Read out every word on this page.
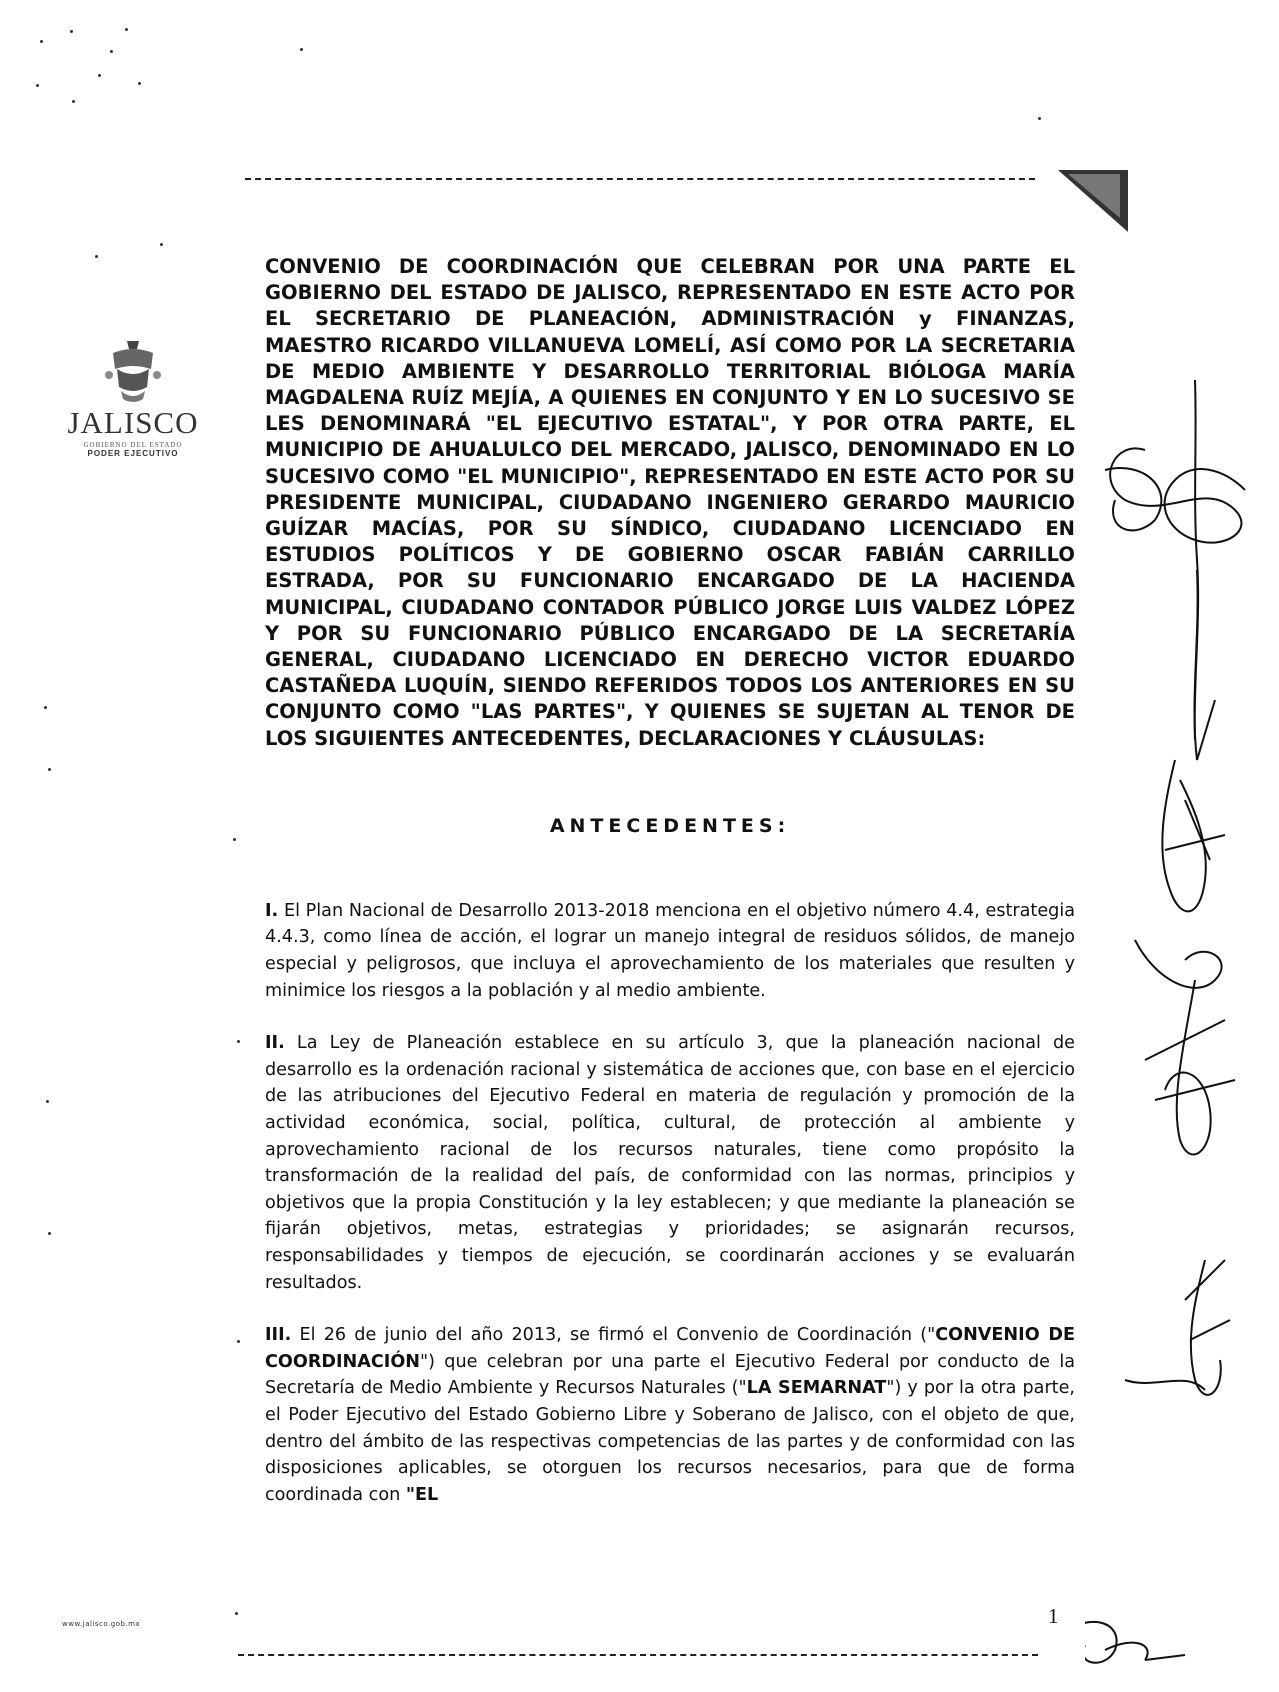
JALISCO
GOBIERNO DEL ESTADO
PODER EJECUTIVO

CONVENIO DE COORDINACIÓN QUE CELEBRAN POR UNA PARTE EL GOBIERNO DEL ESTADO DE JALISCO, REPRESENTADO EN ESTE ACTO POR EL SECRETARIO DE PLANEACIÓN, ADMINISTRACIÓN y FINANZAS, MAESTRO RICARDO VILLANUEVA LOMELÍ, ASÍ COMO POR LA SECRETARIA DE MEDIO AMBIENTE Y DESARROLLO TERRITORIAL BIÓLOGA MARÍA MAGDALENA RUÍZ MEJÍA, A QUIENES EN CONJUNTO Y EN LO SUCESIVO SE LES DENOMINARÁ "EL EJECUTIVO ESTATAL", Y POR OTRA PARTE, EL MUNICIPIO DE AHUALULCO DEL MERCADO, JALISCO, DENOMINADO EN LO SUCESIVO COMO "EL MUNICIPIO", REPRESENTADO EN ESTE ACTO POR SU PRESIDENTE MUNICIPAL, CIUDADANO INGENIERO GERARDO MAURICIO GUÍZAR MACÍAS, POR SU SÍNDICO, CIUDADANO LICENCIADO EN ESTUDIOS POLÍTICOS Y DE GOBIERNO OSCAR FABIÁN CARRILLO ESTRADA, POR SU FUNCIONARIO ENCARGADO DE LA HACIENDA MUNICIPAL, CIUDADANO CONTADOR PÚBLICO JORGE LUIS VALDEZ LÓPEZ Y POR SU FUNCIONARIO PÚBLICO ENCARGADO DE LA SECRETARÍA GENERAL, CIUDADANO LICENCIADO EN DERECHO VICTOR EDUARDO CASTAÑEDA LUQUÍN, SIENDO REFERIDOS TODOS LOS ANTERIORES EN SU CONJUNTO COMO "LAS PARTES", Y QUIENES SE SUJETAN AL TENOR DE LOS SIGUIENTES ANTECEDENTES, DECLARACIONES Y CLÁUSULAS:

ANTECEDENTES:

I. El Plan Nacional de Desarrollo 2013-2018 menciona en el objetivo número 4.4, estrategia 4.4.3, como línea de acción, el lograr un manejo integral de residuos sólidos, de manejo especial y peligrosos, que incluya el aprovechamiento de los materiales que resulten y minimice los riesgos a la población y al medio ambiente.

II. La Ley de Planeación establece en su artículo 3, que la planeación nacional de desarrollo es la ordenación racional y sistemática de acciones que, con base en el ejercicio de las atribuciones del Ejecutivo Federal en materia de regulación y promoción de la actividad económica, social, política, cultural, de protección al ambiente y aprovechamiento racional de los recursos naturales, tiene como propósito la transformación de la realidad del país, de conformidad con las normas, principios y objetivos que la propia Constitución y la ley establecen; y que mediante la planeación se fijarán objetivos, metas, estrategias y prioridades; se asignarán recursos, responsabilidades y tiempos de ejecución, se coordinarán acciones y se evaluarán resultados.

III. El 26 de junio del año 2013, se firmó el Convenio de Coordinación ("CONVENIO DE COORDINACIÓN") que celebran por una parte el Ejecutivo Federal por conducto de la Secretaría de Medio Ambiente y Recursos Naturales ("LA SEMARNAT") y por la otra parte, el Poder Ejecutivo del Estado Gobierno Libre y Soberano de Jalisco, con el objeto de que, dentro del ámbito de las respectivas competencias de las partes y de conformidad con las disposiciones aplicables, se otorguen los recursos necesarios, para que de forma coordinada con "EL

www.jalisco.gob.mx	1
